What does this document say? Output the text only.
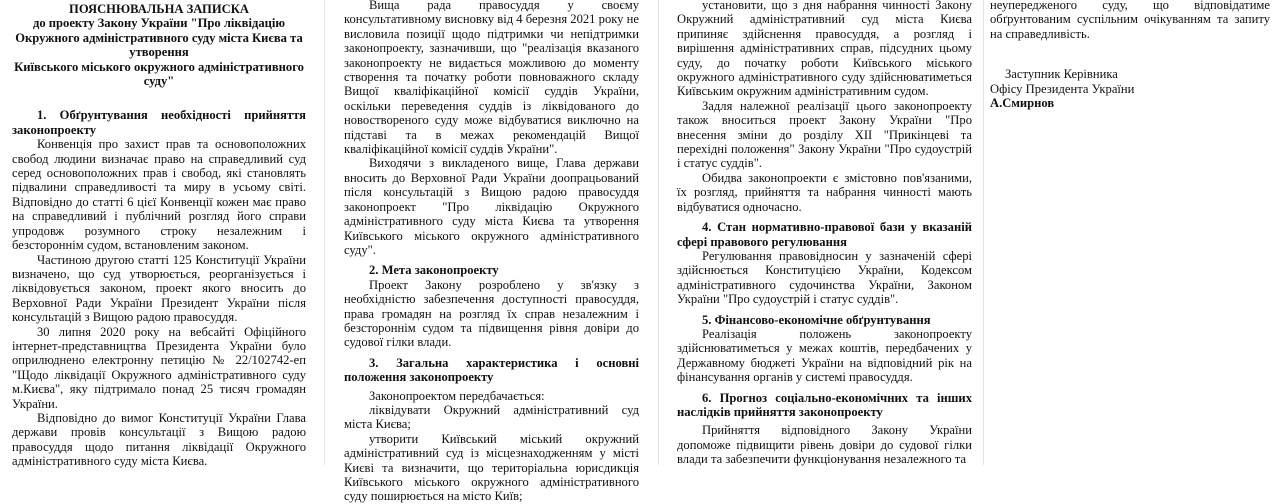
ПОЯСНЮВАЛЬНА ЗАПИСКА
до проекту Закону України "Про ліквідацію Окружного адміністративного суду міста Києва та утворення
Київського міського окружного адміністративного суду"

1. Обґрунтування необхідності прийняття законопроекту

Конвенція про захист прав та основоположних свобод людини визначає право на справедливий суд серед основоположних прав і свобод, які становлять підвалини справедливості та миру в усьому світі. Відповідно до статті 6 цієї Конвенції кожен має право на справедливий і публічний розгляд його справи упродовж розумного строку незалежним і безстороннім судом, встановленим законом.

Частиною другою статті 125 Конституції України визначено, що суд утворюється, реорганізується і ліквідовується законом, проект якого вносить до Верховної Ради України Президент України після консультацій з Вищою радою правосуддя.

30 липня 2020 року на вебсайті Офіційного інтернет-представництва Президента України було оприлюднено електронну петицію № 22/102742-еп "Щодо ліквідації Окружного адміністративного суду м.Києва", яку підтримало понад 25 тисяч громадян України.

Відповідно до вимог Конституції України Глава держави провів консультації з Вищою радою правосуддя щодо питання ліквідації Окружного адміністративного суду міста Києва.

Вища рада правосуддя у своєму консультативному висновку від 4 березня 2021 року не висловила позиції щодо підтримки чи непідтримки законопроекту, зазначивши, що "реалізація вказаного законопроекту не видається можливою до моменту створення та початку роботи повноважного складу Вищої кваліфікаційної комісії суддів України, оскільки переведення суддів із ліквідованого до новоствореного суду може відбуватися виключно на підставі та в межах рекомендацій Вищої кваліфікаційної комісії суддів України".

Виходячи з викладеного вище, Глава держави вносить до Верховної Ради України доопрацьований після консультацій з Вищою радою правосуддя законопроект "Про ліквідацію Окружного адміністративного суду міста Києва та утворення Київського міського окружного адміністративного суду".

2. Мета законопроекту

Проект Закону розроблено у зв'язку з необхідністю забезпечення доступності правосуддя, права громадян на розгляд їх справ незалежним і безстороннім судом та підвищення рівня довіри до судової гілки влади.

3. Загальна характеристика і основні положення законопроекту

Законопроектом передбачається:

ліквідувати Окружний адміністративний суд міста Києва;

утворити Київський міський окружний адміністративний суд із місцезнаходженням у місті Києві та визначити, що територіальна юрисдикція Київського міського окружного адміністративного суду поширюється на місто Київ;

установити, що з дня набрання чинності Закону Окружний адміністративний суд міста Києва припиняє здійснення правосуддя, а розгляд і вирішення адміністративних справ, підсудних цьому суду, до початку роботи Київського міського окружного адміністративного суду здійснюватиметься Київським окружним адміністративним судом.

Задля належної реалізації цього законопроекту також вноситься проект Закону України "Про внесення зміни до розділу XII "Прикінцеві та перехідні положення" Закону України "Про судоустрій і статус суддів".

Обидва законопроекти є змістовно пов'язаними, їх розгляд, прийняття та набрання чинності мають відбуватися одночасно.

4. Стан нормативно-правової бази у вказаній сфері правового регулювання

Регулювання правовідносин у зазначеній сфері здійснюється Конституцією України, Кодексом адміністративного судочинства України, Законом України "Про судоустрій і статус суддів".

5. Фінансово-економічне обґрунтування

Реалізація положень законопроекту здійснюватиметься у межах коштів, передбачених у Державному бюджеті України на відповідний рік на фінансування органів у системі правосуддя.

6. Прогноз соціально-економічних та інших наслідків прийняття законопроекту

Прийняття відповідного Закону України допоможе підвищити рівень довіри до судової гілки влади та забезпечити функціонування незалежного та

неупередженого суду, що відповідатиме обґрунтованим суспільним очікуванням та запиту на справедливість.

Заступник Керівника

Офісу Президента України

А.Смирнов
